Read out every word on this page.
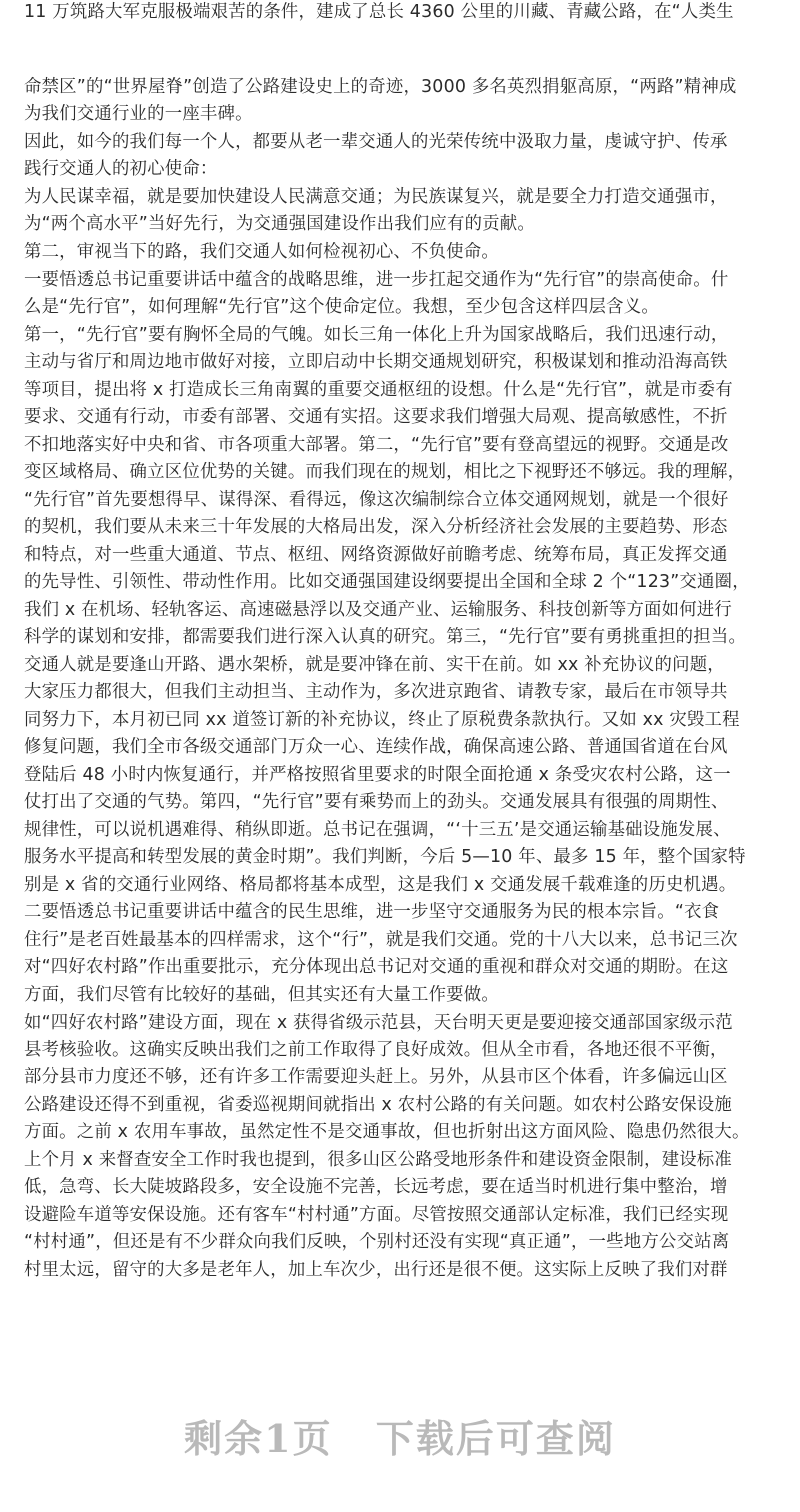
11 万筑路大军克服极端艰苦的条件，建成了总长 4360 公里的川藏、青藏公路，在“人类生
命禁区”的“世界屋脊”创造了公路建设史上的奇迹，3000 多名英烈捐躯高原，“两路”精神成
为我们交通行业的一座丰碑。
因此，如今的我们每一个人，都要从老一辈交通人的光荣传统中汲取力量，虔诚守护、传承
践行交通人的初心使命：
为人民谋幸福，就是要加快建设人民满意交通；为民族谋复兴，就是要全力打造交通强市，
为“两个高水平”当好先行，为交通强国建设作出我们应有的贡献。
第二，审视当下的路，我们交通人如何检视初心、不负使命。
一要悟透总书记重要讲话中蕴含的战略思维，进一步扛起交通作为“先行官”的崇高使命。什
么是“先行官”，如何理解“先行官”这个使命定位。我想，至少包含这样四层含义。
第一，“先行官”要有胸怀全局的气魄。如长三角一体化上升为国家战略后，我们迅速行动，
主动与省厅和周边地市做好对接，立即启动中长期交通规划研究，积极谋划和推动沿海高铁
等项目，提出将 x 打造成长三角南翼的重要交通枢纽的设想。什么是“先行官”，就是市委有
要求、交通有行动，市委有部署、交通有实招。这要求我们增强大局观、提高敏感性，不折
不扣地落实好中央和省、市各项重大部署。第二，“先行官”要有登高望远的视野。交通是改
变区域格局、确立区位优势的关键。而我们现在的规划，相比之下视野还不够远。我的理解，
“先行官”首先要想得早、谋得深、看得远，像这次编制综合立体交通网规划，就是一个很好
的契机，我们要从未来三十年发展的大格局出发，深入分析经济社会发展的主要趋势、形态
和特点，对一些重大通道、节点、枢纽、网络资源做好前瞻考虑、统筹布局，真正发挥交通
的先导性、引领性、带动性作用。比如交通强国建设纲要提出全国和全球 2 个“123”交通圈，
我们 x 在机场、轻轨客运、高速磁悬浮以及交通产业、运输服务、科技创新等方面如何进行
科学的谋划和安排，都需要我们进行深入认真的研究。第三，“先行官”要有勇挑重担的担当。
交通人就是要逢山开路、遇水架桥，就是要冲锋在前、实干在前。如 xx 补充协议的问题，
大家压力都很大，但我们主动担当、主动作为，多次进京跑省、请教专家，最后在市领导共
同努力下，本月初已同 xx 道签订新的补充协议，终止了原税费条款执行。又如 xx 灾毁工程
修复问题，我们全市各级交通部门万众一心、连续作战，确保高速公路、普通国省道在台风
登陆后 48 小时内恢复通行，并严格按照省里要求的时限全面抢通 x 条受灾农村公路，这一
仗打出了交通的气势。第四，“先行官”要有乘势而上的劲头。交通发展具有很强的周期性、
规律性，可以说机遇难得、稍纵即逝。总书记在强调，“‘十三五’是交通运输基础设施发展、
服务水平提高和转型发展的黄金时期”。我们判断，今后 5—10 年、最多 15 年，整个国家特
别是 x 省的交通行业网络、格局都将基本成型，这是我们 x 交通发展千载难逢的历史机遇。
二要悟透总书记重要讲话中蕴含的民生思维，进一步坚守交通服务为民的根本宗旨。“衣食
住行”是老百姓最基本的四样需求，这个“行”，就是我们交通。党的十八大以来，总书记三次
对“四好农村路”作出重要批示，充分体现出总书记对交通的重视和群众对交通的期盼。在这
方面，我们尽管有比较好的基础，但其实还有大量工作要做。
如“四好农村路”建设方面，现在 x 获得省级示范县，天台明天更是要迎接交通部国家级示范
县考核验收。这确实反映出我们之前工作取得了良好成效。但从全市看，各地还很不平衡，
部分县市力度还不够，还有许多工作需要迎头赶上。另外，从县市区个体看，许多偏远山区
公路建设还得不到重视，省委巡视期间就指出 x 农村公路的有关问题。如农村公路安保设施
方面。之前 x 农用车事故，虽然定性不是交通事故，但也折射出这方面风险、隐患仍然很大。
上个月 x 来督查安全工作时我也提到，很多山区公路受地形条件和建设资金限制，建设标准
低，急弯、长大陡坡路段多，安全设施不完善，长远考虑，要在适当时机进行集中整治，增
设避险车道等安保设施。还有客车“村村通”方面。尽管按照交通部认定标准，我们已经实现
“村村通”，但还是有不少群众向我们反映，个别村还没有实现“真正通”，一些地方公交站离
村里太远，留守的大多是老年人，加上车次少，出行还是很不便。这实际上反映了我们对群
剩余1页 下载后可查阅
